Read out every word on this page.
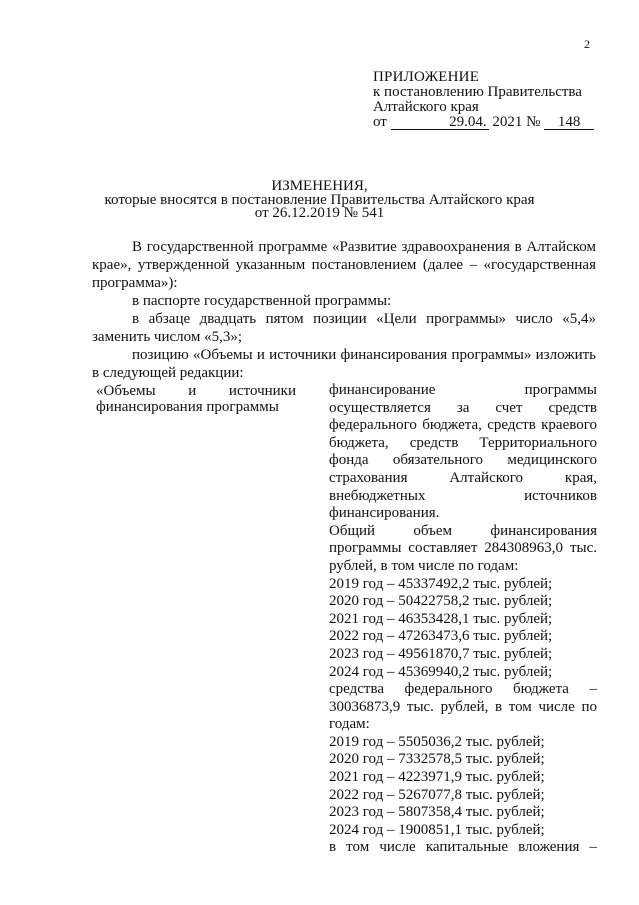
2
ПРИЛОЖЕНИЕ
к постановлению Правительства
Алтайского края
от	29.04. 2021 № 148
ИЗМЕНЕНИЯ,
которые вносятся в постановление Правительства Алтайского края
от 26.12.2019 № 541
В государственной программе «Развитие здравоохранения в Алтайском крае», утвержденной указанным постановлением (далее – «государственная программа»):
в паспорте государственной программы:
в абзаце двадцать пятом позиции «Цели программы» число «5,4» заменить числом «5,3»;
позицию «Объемы и источники финансирования программы» изложить в следующей редакции:
«Объемы и источники финансирования программы
финансирование программы осуществляется за счет средств федерального бюджета, средств краевого бюджета, средств Территориального фонда обязательного медицинского страхования Алтайского края, внебюджетных источников финансирования.
Общий объем финансирования программы составляет 284308963,0 тыс. рублей, в том числе по годам:
2019 год – 45337492,2 тыс. рублей;
2020 год – 50422758,2 тыс. рублей;
2021 год – 46353428,1 тыс. рублей;
2022 год – 47263473,6 тыс. рублей;
2023 год – 49561870,7 тыс. рублей;
2024 год – 45369940,2 тыс. рублей;
средства федерального бюджета – 30036873,9 тыс. рублей, в том числе по годам:
2019 год – 5505036,2 тыс. рублей;
2020 год – 7332578,5 тыс. рублей;
2021 год – 4223971,9 тыс. рублей;
2022 год – 5267077,8 тыс. рублей;
2023 год – 5807358,4 тыс. рублей;
2024 год – 1900851,1 тыс. рублей;
в том числе капитальные вложения –
